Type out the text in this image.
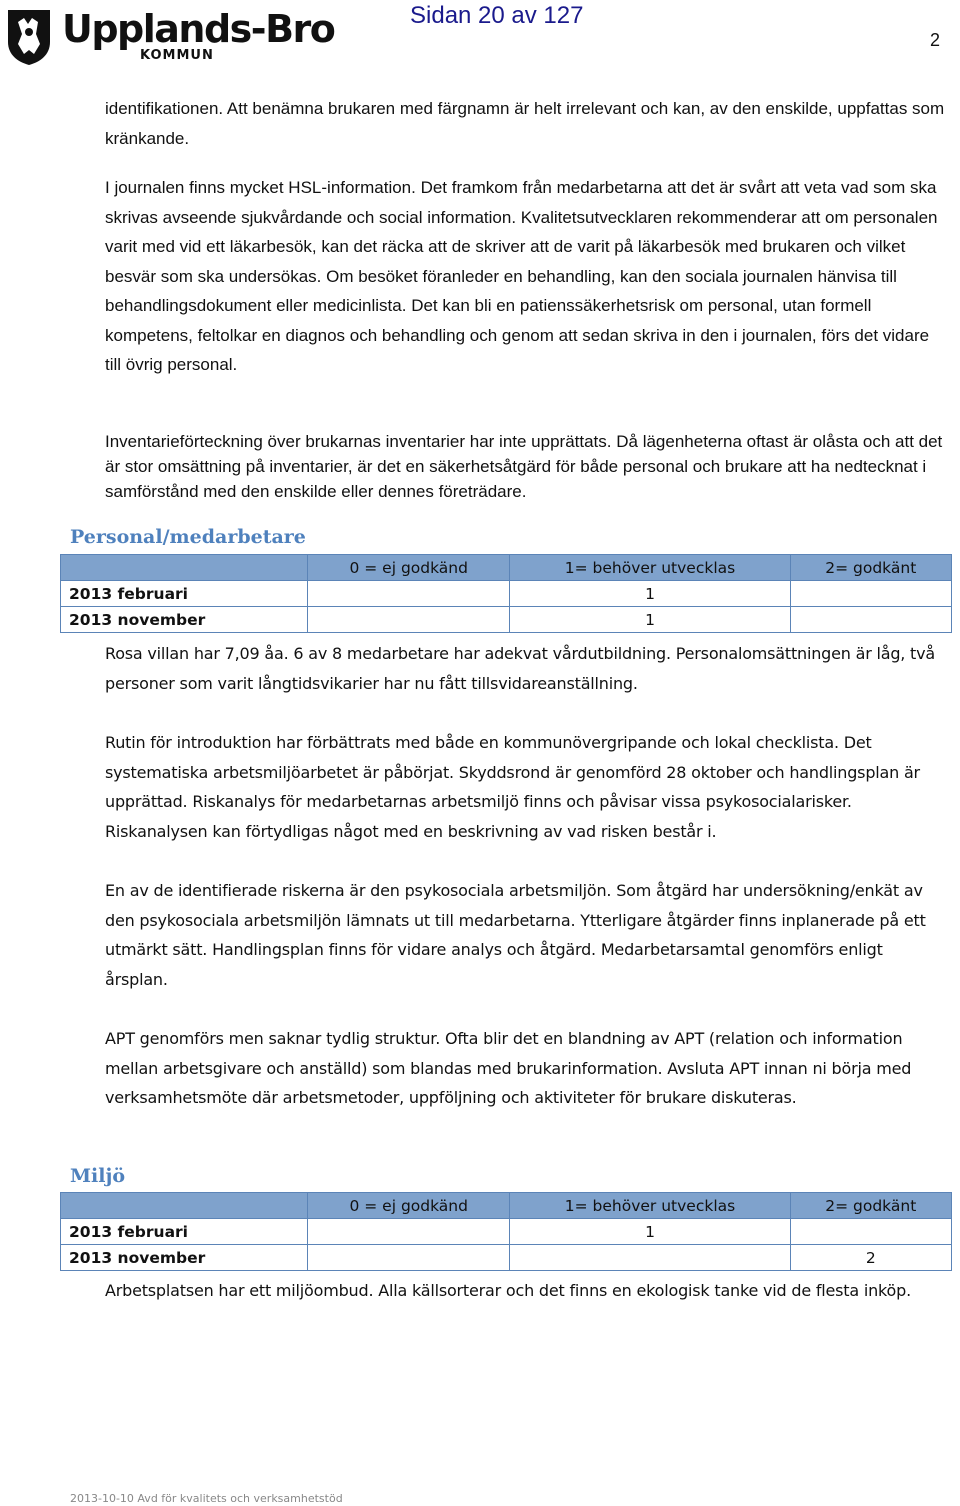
Upplands-Bro
KOMMUN
Sidan 20 av 127
2

identifikationen. Att benämna brukaren med färgnamn är helt irrelevant och kan, av den enskilde, uppfattas som kränkande.

I journalen finns mycket HSL-information. Det framkom från medarbetarna att det är svårt att veta vad som ska skrivas avseende sjukvårdande och social information. Kvalitetsutvecklaren rekommenderar att om personalen varit med vid ett läkarbesök, kan det räcka att de skriver att de varit på läkarbesök med brukaren och vilket besvär som ska undersökas. Om besöket föranleder en behandling, kan den sociala journalen hänvisa till behandlingsdokument eller medicinlista. Det kan bli en patienssäkerhetsrisk om personal, utan formell kompetens, feltolkar en diagnos och behandling och genom att sedan skriva in den i journalen, förs det vidare till övrig personal.

Inventarieförteckning över brukarnas inventarier har inte upprättats. Då lägenheterna oftast är olåsta och att det är stor omsättning på inventarier, är det en säkerhetsåtgärd för både personal och brukare att ha nedtecknat i samförstånd med den enskilde eller dennes företrädare.

Personal/medarbetare
	0 = ej godkänd	1= behöver utvecklas	2= godkänt
2013 februari		1	
2013 november		1	

Rosa villan har 7,09 åa. 6 av 8 medarbetare har adekvat vårdutbildning. Personalomsättningen är låg, två personer som varit långtidsvikarier har nu fått tillsvidareanställning.

Rutin för introduktion har förbättrats med både en kommunövergripande och lokal checklista. Det systematiska arbetsmiljöarbetet är påbörjat. Skyddsrond är genomförd 28 oktober och handlingsplan är upprättad. Riskanalys för medarbetarnas arbetsmiljö finns och påvisar vissa psykosocialarisker. Riskanalysen kan förtydligas något med en beskrivning av vad risken består i.

En av de identifierade riskerna är den psykosociala arbetsmiljön. Som åtgärd har undersökning/enkät av den psykosociala arbetsmiljön lämnats ut till medarbetarna. Ytterligare åtgärder finns inplanerade på ett utmärkt sätt. Handlingsplan finns för vidare analys och åtgärd. Medarbetarsamtal genomförs enligt årsplan.

APT genomförs men saknar tydlig struktur. Ofta blir det en blandning av APT (relation och information mellan arbetsgivare och anställd) som blandas med brukarinformation. Avsluta APT innan ni börja med verksamhetsmöte där arbetsmetoder, uppföljning och aktiviteter för brukare diskuteras.

Miljö
	0 = ej godkänd	1= behöver utvecklas	2= godkänt
2013 februari		1	
2013 november			2

Arbetsplatsen har ett miljöombud. Alla källsorterar och det finns en ekologisk tanke vid de flesta inköp.

2013-10-10 Avd för kvalitets och verksamhetstöd
